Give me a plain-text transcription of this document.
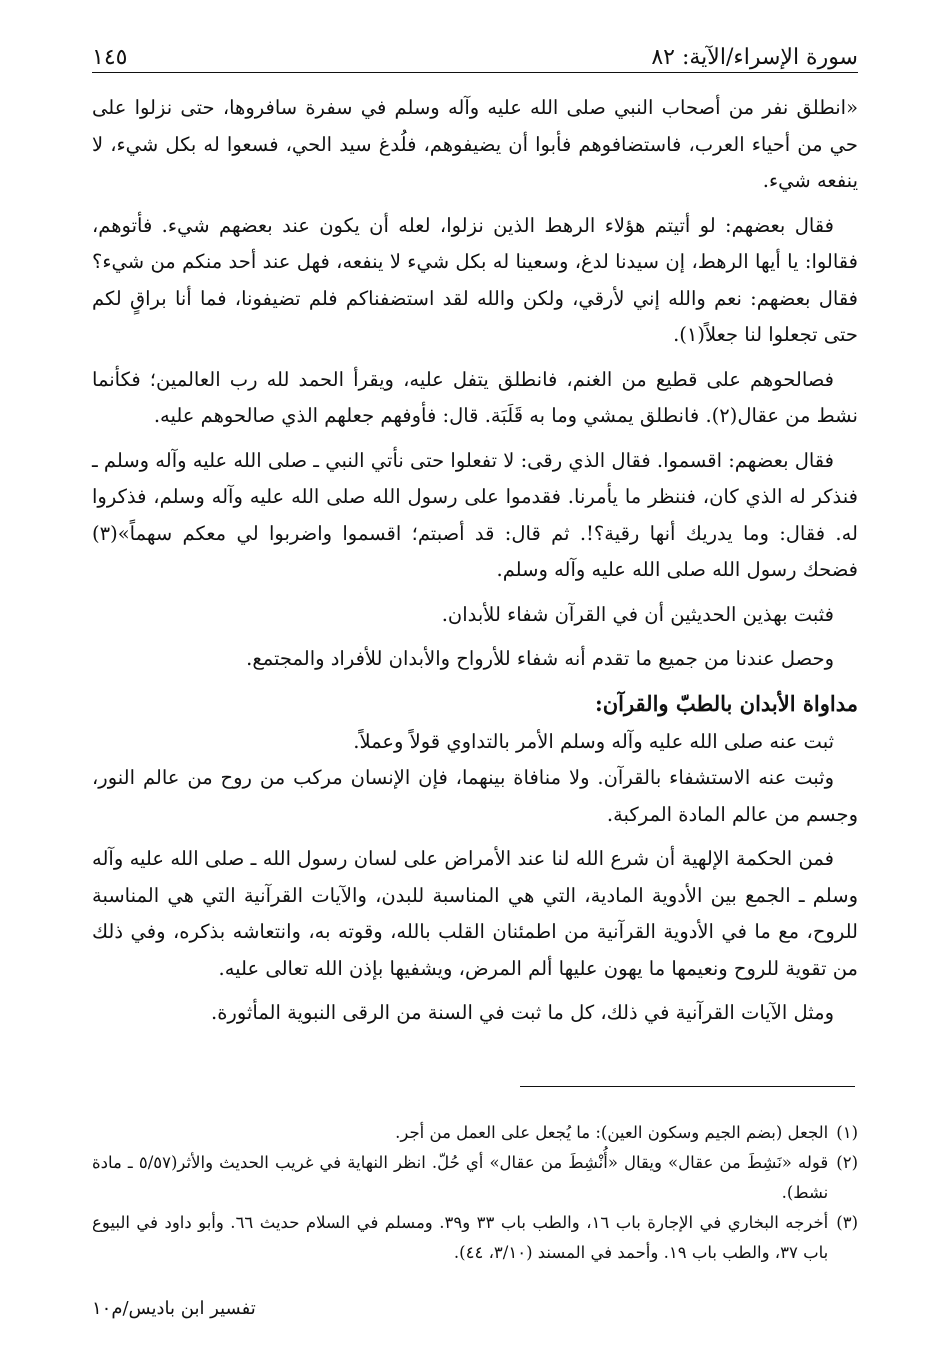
سورة الإسراء/الآية: ٨٢
١٤٥

«انطلق نفر من أصحاب النبي صلى الله عليه وآله وسلم في سفرة سافروها، حتى نزلوا على حي من أحياء العرب، فاستضافوهم فأبوا أن يضيفوهم، فلُدغ سيد الحي، فسعوا له بكل شيء، لا ينفعه شيء.

فقال بعضهم: لو أتيتم هؤلاء الرهط الذين نزلوا، لعله أن يكون عند بعضهم شيء. فأتوهم، فقالوا: يا أيها الرهط، إن سيدنا لدغ، وسعينا له بكل شيء لا ينفعه، فهل عند أحد منكم من شيء؟ فقال بعضهم: نعم والله إني لأرقي، ولكن والله لقد استضفناكم فلم تضيفونا، فما أنا براقٍ لكم حتى تجعلوا لنا جعلاً(١).

فصالحوهم على قطيع من الغنم، فانطلق يتفل عليه، ويقرأ الحمد لله رب العالمين؛ فكأنما نشط من عقال(٢). فانطلق يمشي وما به قَلَبَة. قال: فأوفهم جعلهم الذي صالحوهم عليه.

فقال بعضهم: اقسموا. فقال الذي رقى: لا تفعلوا حتى نأتي النبي ـ صلى الله عليه وآله وسلم ـ فنذكر له الذي كان، فننظر ما يأمرنا. فقدموا على رسول الله صلى الله عليه وآله وسلم، فذكروا له. فقال: وما يدريك أنها رقية؟!. ثم قال: قد أصبتم؛ اقسموا واضربوا لي معكم سهماً»(٣) فضحك رسول الله صلى الله عليه وآله وسلم.

فثبت بهذين الحديثين أن في القرآن شفاء للأبدان.

وحصل عندنا من جميع ما تقدم أنه شفاء للأرواح والأبدان للأفراد والمجتمع.

مداواة الأبدان بالطبّ والقرآن:

ثبت عنه صلى الله عليه وآله وسلم الأمر بالتداوي قولاً وعملاً.

وثبت عنه الاستشفاء بالقرآن. ولا منافاة بينهما، فإن الإنسان مركب من روح من عالم النور، وجسم من عالم المادة المركبة.

فمن الحكمة الإلهية أن شرع الله لنا عند الأمراض على لسان رسول الله ـ صلى الله عليه وآله وسلم ـ الجمع بين الأدوية المادية، التي هي المناسبة للبدن، والآيات القرآنية التي هي المناسبة للروح، مع ما في الأدوية القرآنية من اطمئنان القلب بالله، وقوته به، وانتعاشه بذكره، وفي ذلك من تقوية للروح ونعيمها ما يهون عليها ألم المرض، ويشفيها بإذن الله تعالى عليه.

ومثل الآيات القرآنية في ذلك، كل ما ثبت في السنة من الرقى النبوية المأثورة.

(١)
الجعل (بضم الجيم وسكون العين): ما يُجعل على العمل من أجر.
(٢)
قوله «نَشِطَ من عقال» ويقال «أُنْشِطَ من عقال» أي حُلّ. انظر النهاية في غريب الحديث والأثر(٥/٥٧ ـ مادة نشط).
(٣)
أخرجه البخاري في الإجارة باب ١٦، والطب باب ٣٣ و٣٩. ومسلم في السلام حديث ٦٦. وأبو داود في البيوع باب ٣٧، والطب باب ١٩. وأحمد في المسند (٣/١٠، ٤٤).
تفسير ابن باديس/م١٠
